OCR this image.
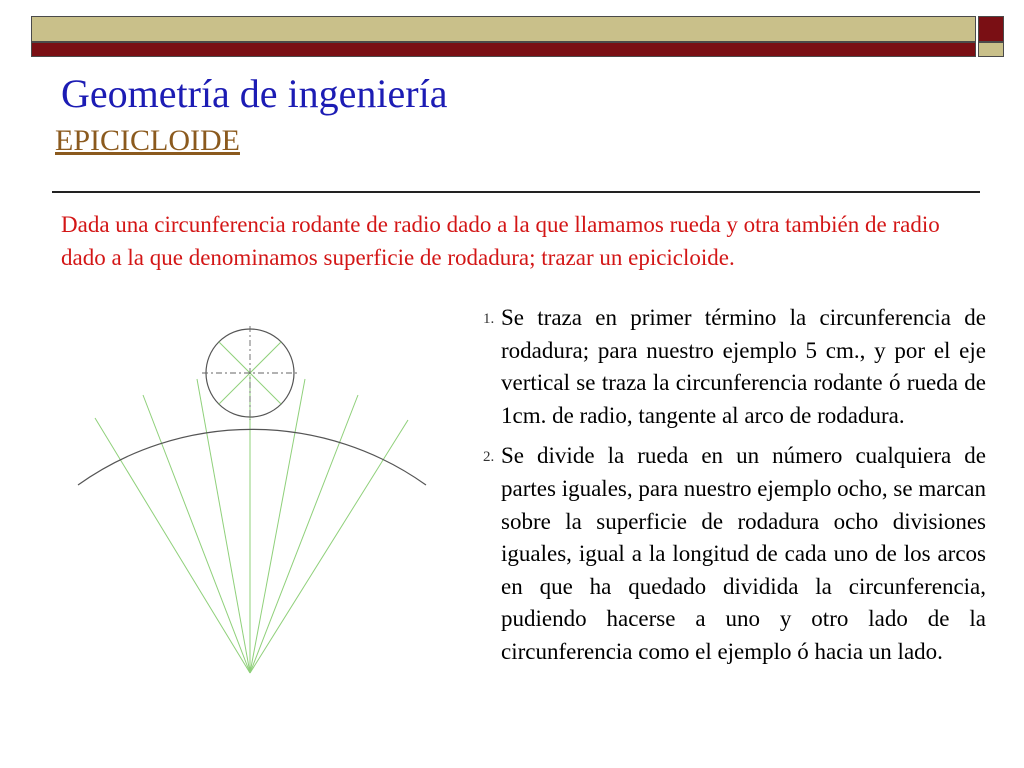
Geometría de ingeniería
EPICICLOIDE
Dada una circunferencia rodante de radio dado a la que llamamos rueda y otra también de radio dado a la que denominamos superficie de rodadura; trazar un epicicloide.
1. Se traza en primer término la circunferencia de rodadura; para nuestro ejemplo 5 cm., y por el eje vertical se traza la circunferencia rodante ó rueda de 1cm. de radio, tangente al arco de rodadura.
2. Se divide la rueda en un número cualquiera de partes iguales, para nuestro ejemplo ocho, se marcan sobre la superficie de rodadura ocho divisiones iguales, igual a la longitud de cada uno de los arcos en que ha quedado dividida la circunferencia, pudiendo hacerse a uno y otro lado de la circunferencia como el ejemplo ó hacia un lado.
